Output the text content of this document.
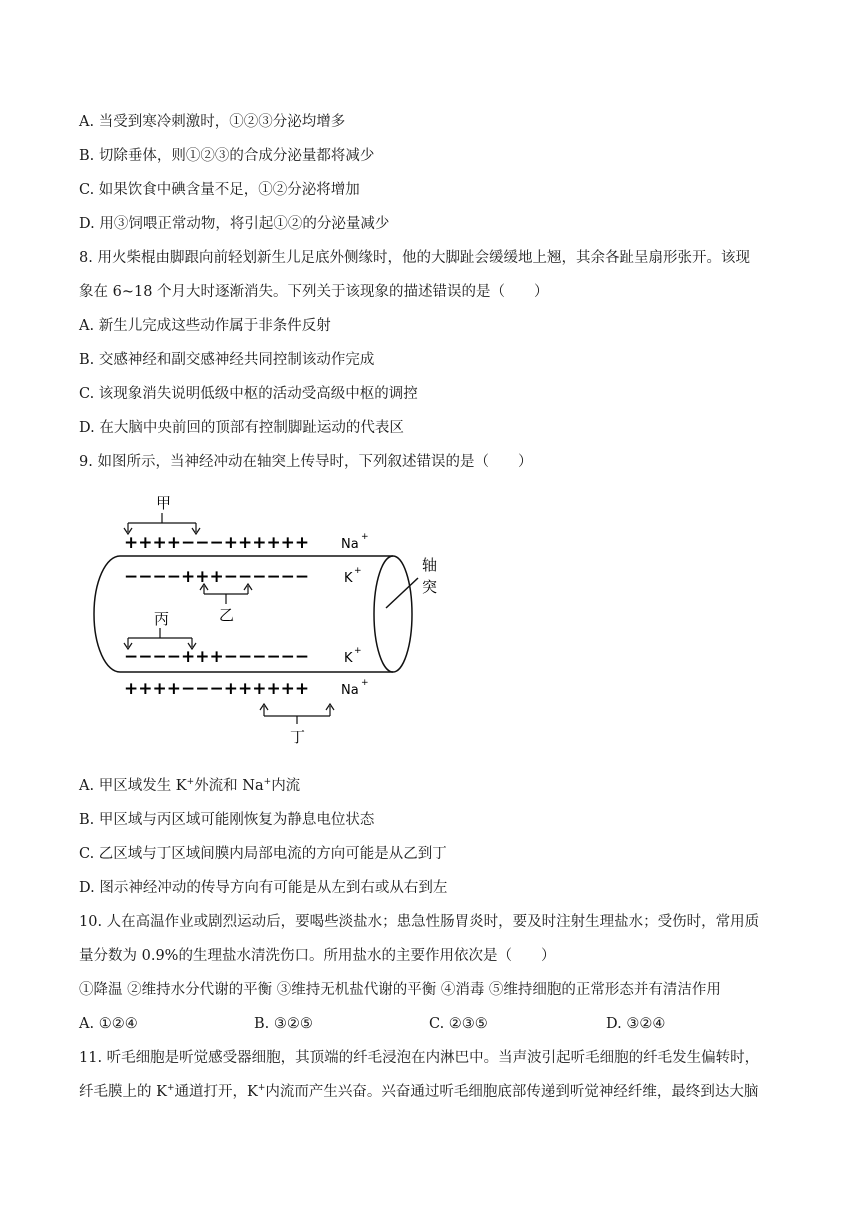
A. 当受到寒冷刺激时，①②③分泌均增多
B. 切除垂体，则①②③的合成分泌量都将减少
C. 如果饮食中碘含量不足，①②分泌将增加
D. 用③饲喂正常动物，将引起①②的分泌量减少
8. 用火柴棍由脚跟向前轻划新生儿足底外侧缘时，他的大脚趾会缓缓地上翘，其余各趾呈扇形张开。该现
象在 6~18 个月大时逐渐消失。下列关于该现象的描述错误的是（　　）
A. 新生儿完成这些动作属于非条件反射
B. 交感神经和副交感神经共同控制该动作完成
C. 该现象消失说明低级中枢的活动受高级中枢的调控
D. 在大脑中央前回的顶部有控制脚趾运动的代表区
9. 如图所示，当神经冲动在轴突上传导时，下列叙述错误的是（　　）
++++−−−++++++
−−−−+++−−−−−−
−−−−+++−−−−−−
++++−−−++++++
Na +
K +
K +
Na +
甲
乙
丙
丁
轴
突
A. 甲区域发生 K+外流和 Na+内流
B. 甲区域与丙区域可能刚恢复为静息电位状态
C. 乙区域与丁区域间膜内局部电流的方向可能是从乙到丁
D. 图示神经冲动的传导方向有可能是从左到右或从右到左
10. 人在高温作业或剧烈运动后，要喝些淡盐水；患急性肠胃炎时，要及时注射生理盐水；受伤时，常用质
量分数为 0.9%的生理盐水清洗伤口。所用盐水的主要作用依次是（　　）
①降温 ②维持水分代谢的平衡 ③维持无机盐代谢的平衡 ④消毒 ⑤维持细胞的正常形态并有清洁作用
A. ①②④	B. ③②⑤	C. ②③⑤	D. ③②④
11. 听毛细胞是听觉感受器细胞，其顶端的纤毛浸泡在内淋巴中。当声波引起听毛细胞的纤毛发生偏转时，
纤毛膜上的 K+通道打开，K+内流而产生兴奋。兴奋通过听毛细胞底部传递到听觉神经纤维，最终到达大脑
